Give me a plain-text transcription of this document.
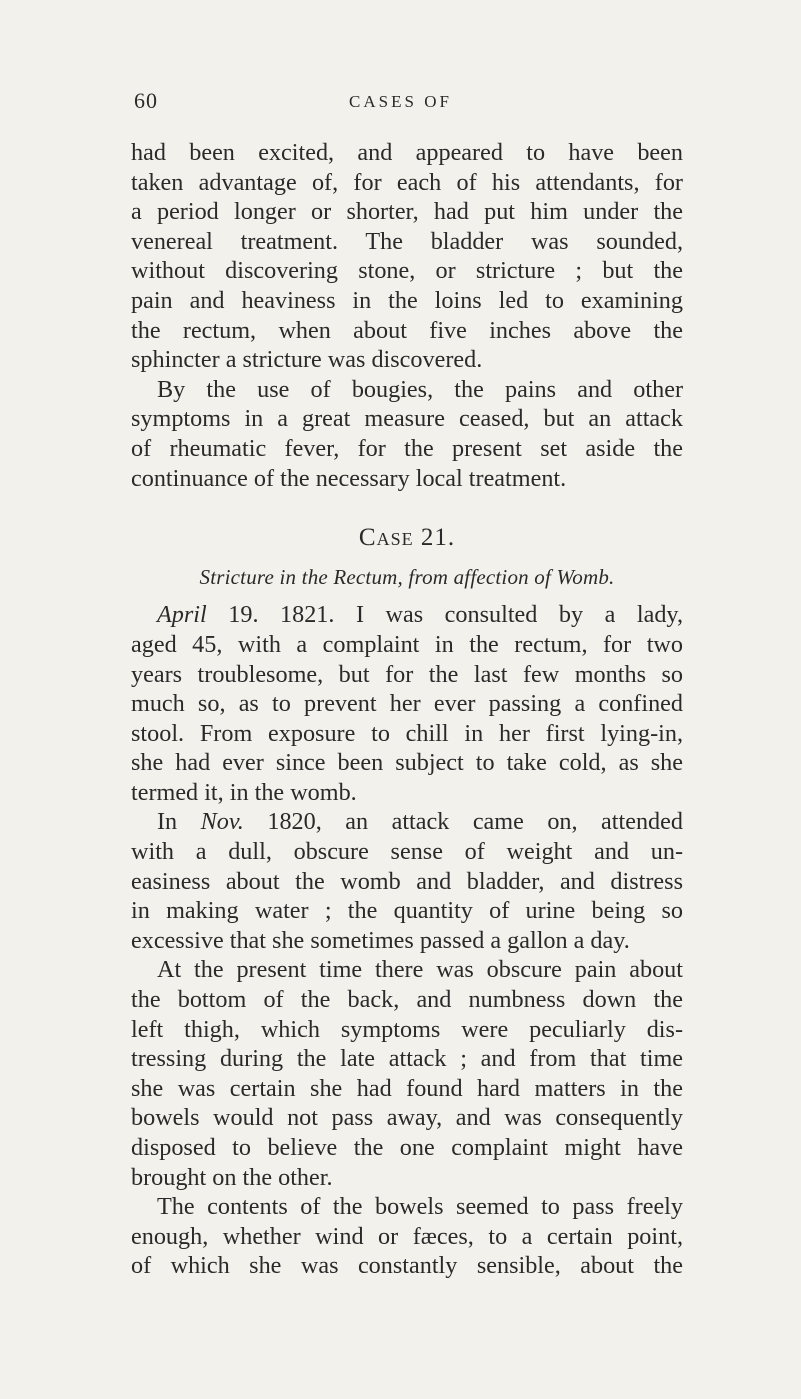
60	CASES OF

had been excited, and appeared to have been

taken advantage of, for each of his attendants, for

a period longer or shorter, had put him under the

venereal treatment. The bladder was sounded,

without discovering stone, or stricture ; but the

pain and heaviness in the loins led to examining

the rectum, when about five inches above the

sphincter a stricture was discovered.

By the use of bougies, the pains and other

symptoms in a great measure ceased, but an attack

of rheumatic fever, for the present set aside the

continuance of the necessary local treatment.

Case 21.
Stricture in the Rectum, from affection of Womb.

April 19. 1821. I was consulted by a lady,

aged 45, with a complaint in the rectum, for two

years troublesome, but for the last few months so

much so, as to prevent her ever passing a confined

stool. From exposure to chill in her first lying-in,

she had ever since been subject to take cold, as she

termed it, in the womb.

In Nov. 1820, an attack came on, attended

with a dull, obscure sense of weight and un-

easiness about the womb and bladder, and distress

in making water ; the quantity of urine being so

excessive that she sometimes passed a gallon a day.

At the present time there was obscure pain about

the bottom of the back, and numbness down the

left thigh, which symptoms were peculiarly dis-

tressing during the late attack ; and from that time

she was certain she had found hard matters in the

bowels would not pass away, and was consequently

disposed to believe the one complaint might have

brought on the other.

The contents of the bowels seemed to pass freely

enough, whether wind or fæces, to a certain point,

of which she was constantly sensible, about the
